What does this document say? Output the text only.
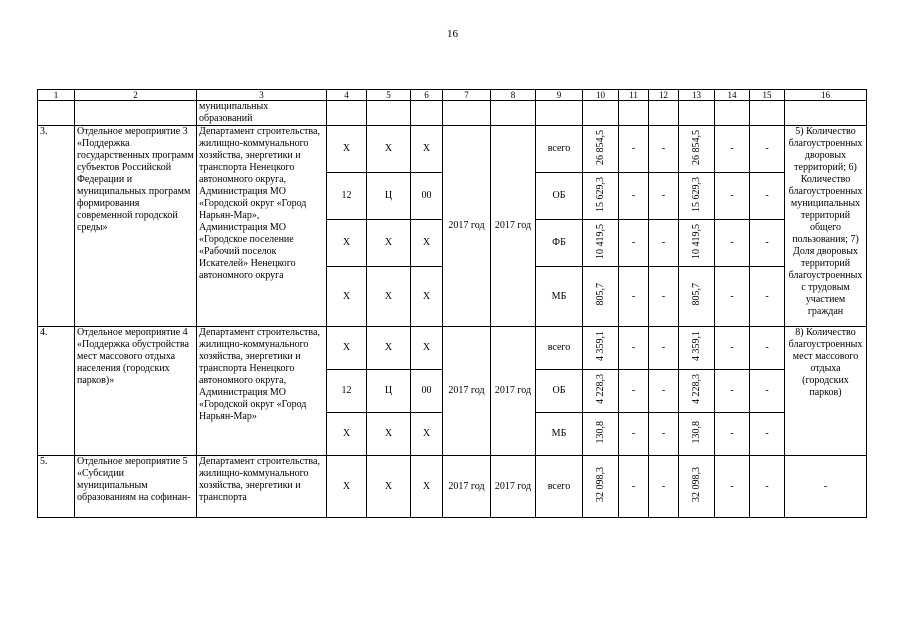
16
1	2	3	4	5	6	7	8	9	10	11	12	13	14	15	16
		муниципальных образований													
3.	Отдельное мероприятие 3 «Поддержка государственных программ субъектов Российской Федерации и муниципальных программ формирования современной городской среды»	Департамент строительства, жилищно-коммунального хозяйства, энергетики и транспорта Ненецкого автономного округа, Администрация МО «Городской округ «Город Нарьян-Мар», Администрация МО «Городское поселение «Рабочий поселок Искателей» Ненецкого автономного округа	Х	Х	Х	2017 год	2017 год	всего	26 854,5	-	-	26 854,5	-	-	5) Количество благоустроенных дворовых территорий; 6) Количество благоустроенных муниципальных территорий общего пользования; 7) Доля дворовых территорий благоустроенных с трудовым участием граждан
			12	Ц	00			ОБ	15 629,3	-	-	15 629,3	-	-	
			Х	Х	Х			ФБ	10 419,5	-	-	10 419,5	-	-	
			Х	Х	Х			МБ	805,7	-	-	805,7	-	-	
4.	Отдельное мероприятие 4 «Поддержка обустройства мест массового отдыха населения (городских парков)»	Департамент строительства, жилищно-коммунального хозяйства, энергетики и транспорта Ненецкого автономного округа, Администрация МО «Городской округ «Город Нарьян-Мар»	Х	Х	Х	2017 год	2017 год	всего	4 359,1	-	-	4 359,1	-	-	8) Количество благоустроенных мест массового отдыха (городских парков)
			12	Ц	00			ОБ	4 228,3	-	-	4 228,3	-	-	
			Х	Х	Х			МБ	130,8	-	-	130,8	-	-	
5.	Отдельное мероприятие 5 «Субсидии муниципальным образованиям на софинан-	Департамент строительства, жилищно-коммунального хозяйства, энергетики и транспорта	Х	Х	Х	2017 год	2017 год	всего	32 098,3	-	-	32 098,3	-	-	-
